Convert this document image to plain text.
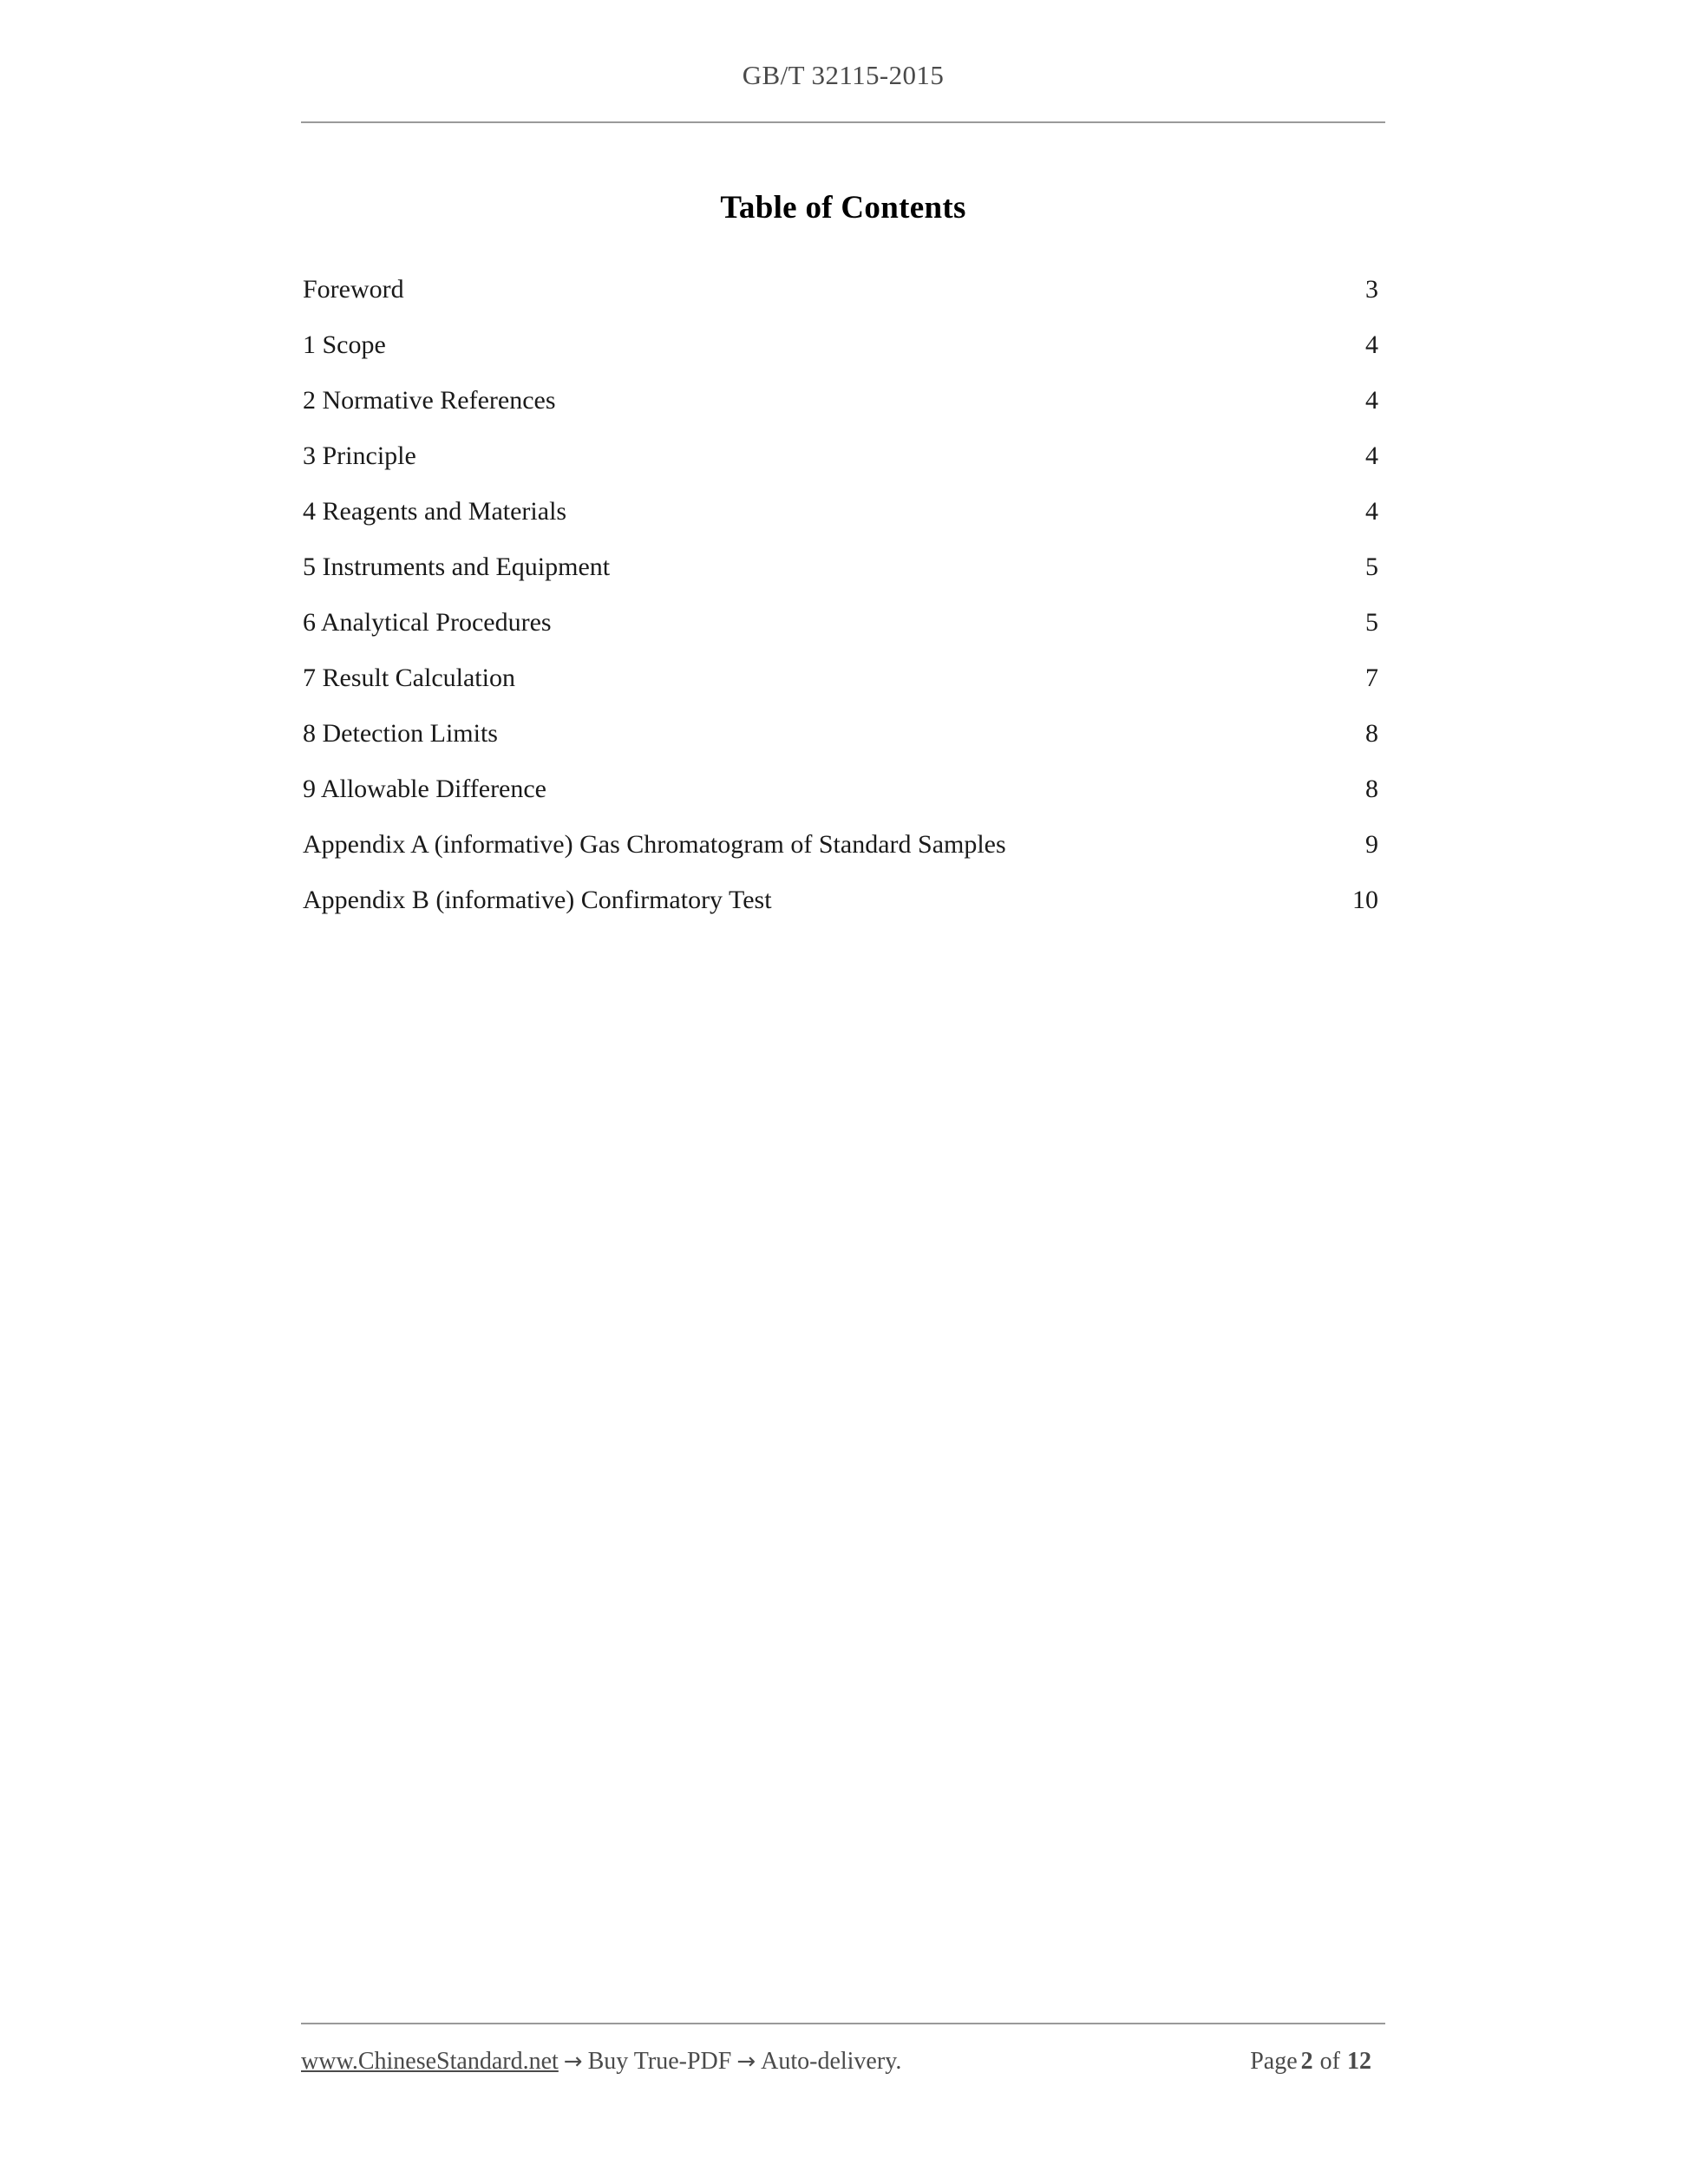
GB/T 32115-2015
Table of Contents
Foreword .....	3
1 Scope .....	4
2 Normative References .....	4
3 Principle .....	4
4 Reagents and Materials .....	4
5 Instruments and Equipment .....	5
6 Analytical Procedures .....	5
7 Result Calculation .....	7
8 Detection Limits .....	8
9 Allowable Difference .....	8
Appendix A (informative) Gas Chromatogram of Standard Samples .....	9
Appendix B (informative) Confirmatory Test .....	10
www.ChineseStandard.net → Buy True-PDF → Auto-delivery.	Page 2 of 12
